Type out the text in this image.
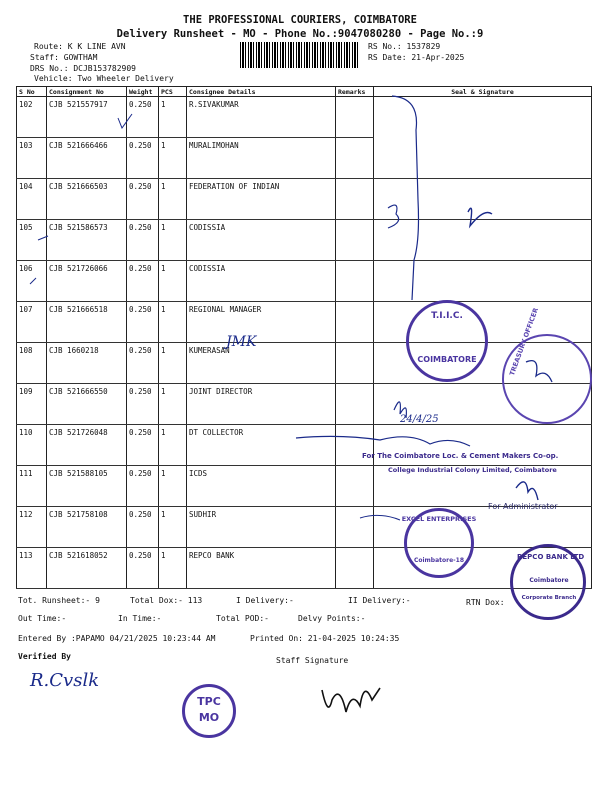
THE PROFESSIONAL COURIERS, COIMBATORE
Delivery Runsheet - MO - Phone No.:9047080280 - Page No.:9
Route: K K LINE AVN
Staff: GOWTHAM
DRS No.: DCJB153782909
Vehicle: Two Wheeler Delivery
RS No.: 1537829
RS Date: 21-Apr-2025
S No	Consignment No	Weight	PCS	Consignee Details	Remarks	Seal & Signature
102	CJB 521557917	0.250	1	R.SIVAKUMAR		
103	CJB 521666466	0.250	1	MURALIMOHAN		
104	CJB 521666503	0.250	1	FEDERATION OF INDIAN		
105	CJB 521586573	0.250	1	CODISSIA		
106	CJB 521726066	0.250	1	CODISSIA		
107	CJB 521666518	0.250	1	REGIONAL MANAGER		
108	CJB 1660218	0.250	1	KUMERASAN		
109	CJB 521666550	0.250	1	JOINT DIRECTOR		
110	CJB 521726048	0.250	1	DT COLLECTOR		
111	CJB 521588105	0.250	1	ICDS		
112	CJB 521758108	0.250	1	SUDHIR		
113	CJB 521618052	0.250	1	REPCO BANK		
JMK
24/4/25
R.Cvslk
T.I.I.C.
COIMBATORE	TREASURY OFFICER
For The Coimbatore Loc. & Cement Makers Co-op.
College Industrial Colony Limited, Coimbatore
For Administrator
EXCEL ENTERPRISES
Coimbatore-18	REPCO BANK LTD
Coimbatore
Corporate Branch
Tot. Runsheet:- 9	Total Dox:- 113	I Delivery:-	II Delivery:-	RTN Dox:
Out Time:-	In Time:-	Total POD:-	Delvy Points:-
Entered By :PAPAMO 04/21/2025 10:23:44 AM	Printed On: 21-04-2025 10:24:35
Verified By	Staff Signature
TPC
MO
